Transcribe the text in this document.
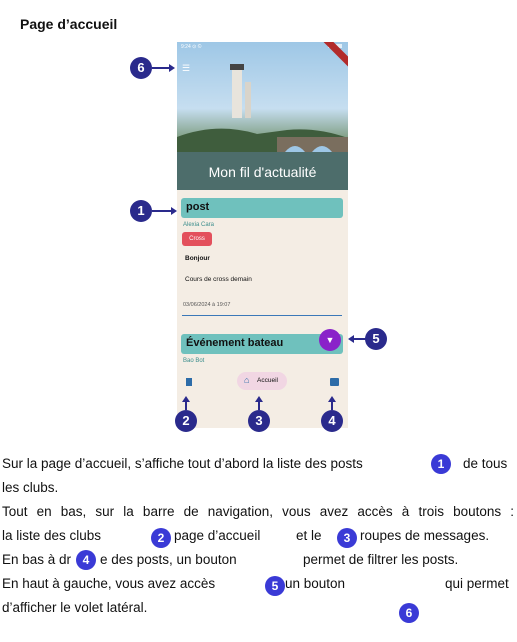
Page d’accueil
9:24 ⊙ ©
☰
Mon fil d'actualité
post
Alexia Cara
Cross
Bonjour
Cours de cross demain
03/06/2024 à 19:07
Événement bateau
Bao Bot
▼
⌂ Accueil
6
1
5
2	3	4
Sur la page d’accueil, s’affiche tout d’abord la liste des posts	de tous
1
les clubs.
Tout en bas, sur la barre de navigation, vous avez accès à trois boutons :
la liste des clubs	page d’accueil	et le	roupes de messages.
2	3
En bas à dr e des posts, un bouton	permet de filtrer les posts.
4
En haut à gauche, vous avez accès	un bouton	qui permet
5
d’afficher le volet latéral.	6
